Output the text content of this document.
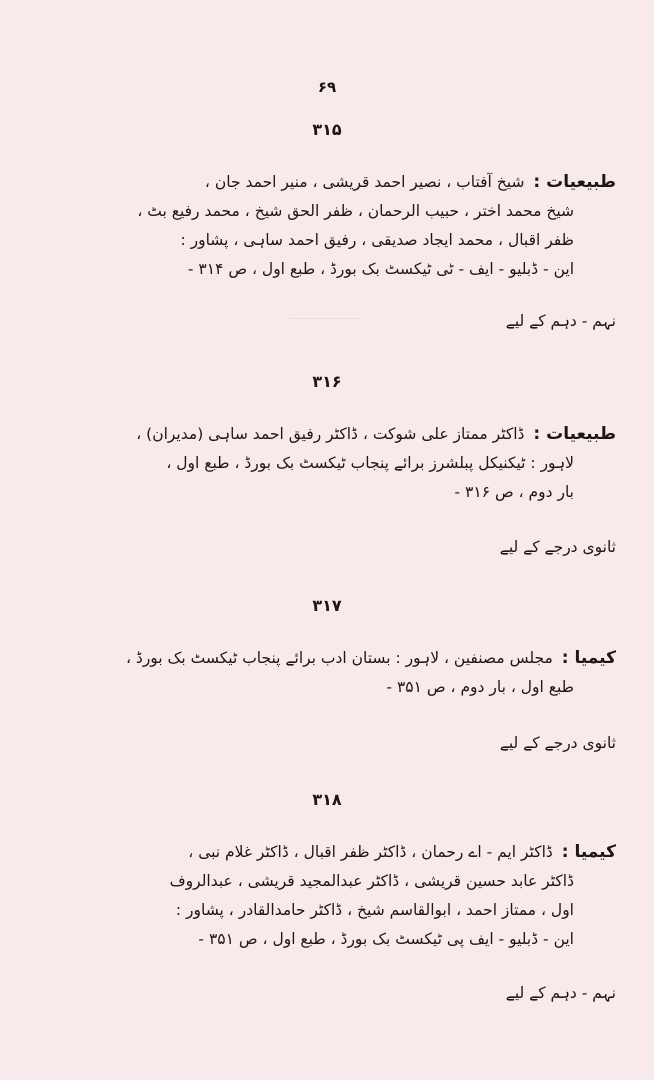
۶۹
۳۱۵
طبیعیات : شیخ آفتاب ، نصیر احمد قریشی ، منیر احمد جان ،
شیخ محمد اختر ، حبیب الرحمان ، ظفر الحق شیخ ، محمد رفیع بٹ ،
ظفر اقبال ، محمد ایجاد صدیقی ، رفیق احمد ساہی ، پشاور :
این - ڈبلیو - ایف - ٹی ٹیکسٹ بک بورڈ ، طبع اول ، ص ۳۱۴ -
نہم - دہم کے لیے
۳۱۶
طبیعیات : ڈاکٹر ممتاز علی شوکت ، ڈاکٹر رفیق احمد ساہی (مدیران) ،
لاہور : ٹیکنیکل پبلشرز برائے پنجاب ٹیکسٹ بک بورڈ ، طبع اول ،
بار دوم ، ص ۳۱۶ -
ثانوی درجے کے لیے
۳۱۷
کیمیا : مجلس مصنفین ، لاہور : بستان ادب برائے پنجاب ٹیکسٹ بک بورڈ ،
طبع اول ، بار دوم ، ص ۳۵۱ -
ثانوی درجے کے لیے
۳۱۸
کیمیا : ڈاکٹر ایم - اے رحمان ، ڈاکٹر ظفر اقبال ، ڈاکٹر غلام نبی ،
ڈاکٹر عابد حسین قریشی ، ڈاکٹر عبدالمجید قریشی ، عبدالروف
اول ، ممتاز احمد ، ابوالقاسم شیخ ، ڈاکٹر حامدالقادر ، پشاور :
این - ڈبلیو - ایف پی ٹیکسٹ بک بورڈ ، طبع اول ، ص ۳۵۱ -
نہم - دہم کے لیے
